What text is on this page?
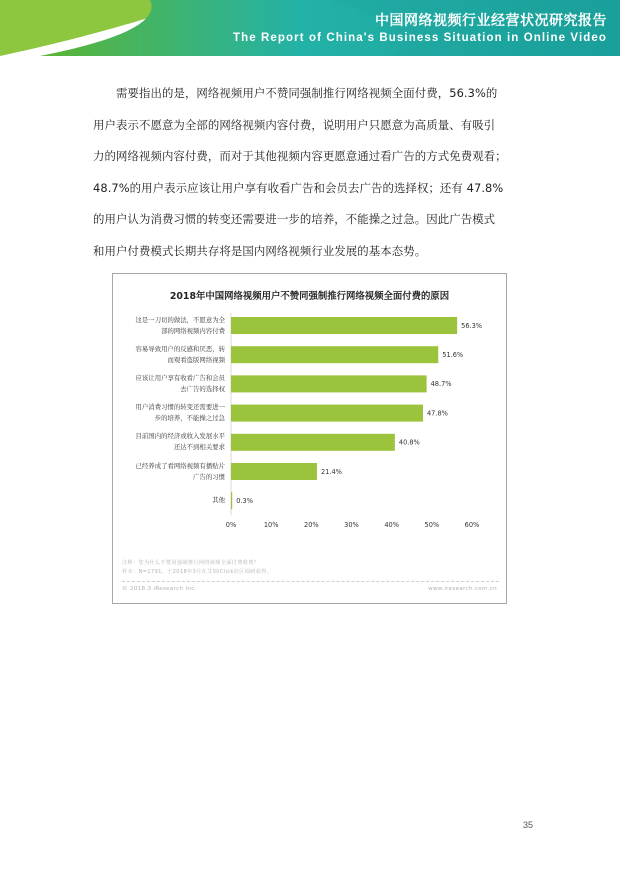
中国网络视频行业经营状况研究报告
The Report of China's Business Situation in Online Video

需要指出的是，网络视频用户不赞同强制推行网络视频全面付费，56.3%的

用户表示不愿意为全部的网络视频内容付费，说明用户只愿意为高质量、有吸引

力的网络视频内容付费，而对于其他视频内容更愿意通过看广告的方式免费观看；

48.7%的用户表示应该让用户享有收看广告和会员去广告的选择权；还有 47.8%

的用户认为消费习惯的转变还需要进一步的培养，不能操之过急。因此广告模式

和用户付费模式长期共存将是国内网络视频行业发展的基本态势。

2018年中国网络视频用户不赞同强制推行网络视频全面付费的原因
56.3%
51.6%
48.7%
47.8%
40.8%
21.4%
0.3%
0%	10%	20%	30%	40%	50%	60%
这是一刀切的做法，不愿意为全
部的网络视频内容付费
容易导致用户的反感和厌恶，转
而观看盗版网络视频
应该让用户享有收看广告和会员
去广告的选择权
用户消费习惯的转变还需要进一
步的培养，不能操之过急
目前国内的经济或收入发展水平
还达不到相关要求
已经养成了看网络视频有播贴片
广告的习惯
其他
注释：您为什么不赞同强制推行网络视频全面付费收费？
样本：N=1791，于2018年3月在艾瑞iClick社区调研获得。
© 2018.3 iResearch Inc.	www.iresearch.com.cn
35
